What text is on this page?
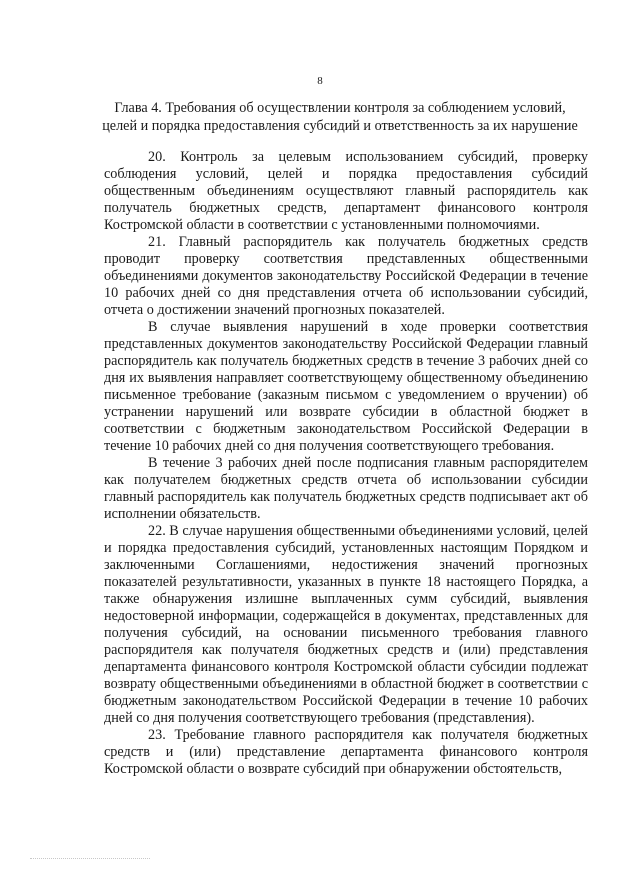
8
Глава 4. Требования об осуществлении контроля за соблюдением условий, целей и порядка предоставления субсидий и ответственность за их нарушение

20. Контроль за целевым использованием субсидий, проверку соблюдения условий, целей и порядка предоставления субсидий общественным объединениям осуществляют главный распорядитель как получатель бюджетных средств, департамент финансового контроля Костромской области в соответствии с установленными полномочиями.

21. Главный распорядитель как получатель бюджетных средств проводит проверку соответствия представленных общественными объединениями документов законодательству Российской Федерации в течение 10 рабочих дней со дня представления отчета об использовании субсидий, отчета о достижении значений прогнозных показателей.

В случае выявления нарушений в ходе проверки соответствия представленных документов законодательству Российской Федерации главный распорядитель как получатель бюджетных средств в течение 3 рабочих дней со дня их выявления направляет соответствующему общественному объединению письменное требование (заказным письмом с уведомлением о вручении) об устранении нарушений или возврате субсидии в областной бюджет в соответствии с бюджетным законодательством Российской Федерации в течение 10 рабочих дней со дня получения соответствующего требования.

В течение 3 рабочих дней после подписания главным распорядителем как получателем бюджетных средств отчета об использовании субсидии главный распорядитель как получатель бюджетных средств подписывает акт об исполнении обязательств.

22. В случае нарушения общественными объединениями условий, целей и порядка предоставления субсидий, установленных настоящим Порядком и заключенными Соглашениями, недостижения значений прогнозных показателей результативности, указанных в пункте 18 настоящего Порядка, а также обнаружения излишне выплаченных сумм субсидий, выявления недостоверной информации, содержащейся в документах, представленных для получения субсидий, на основании письменного требования главного распорядителя как получателя бюджетных средств и (или) представления департамента финансового контроля Костромской области субсидии подлежат возврату общественными объединениями в областной бюджет в соответствии с бюджетным законодательством Российской Федерации в течение 10 рабочих дней со дня получения соответствующего требования (представления).

23. Требование главного распорядителя как получателя бюджетных средств и (или) представление департамента финансового контроля Костромской области о возврате субсидий при обнаружении обстоятельств,
